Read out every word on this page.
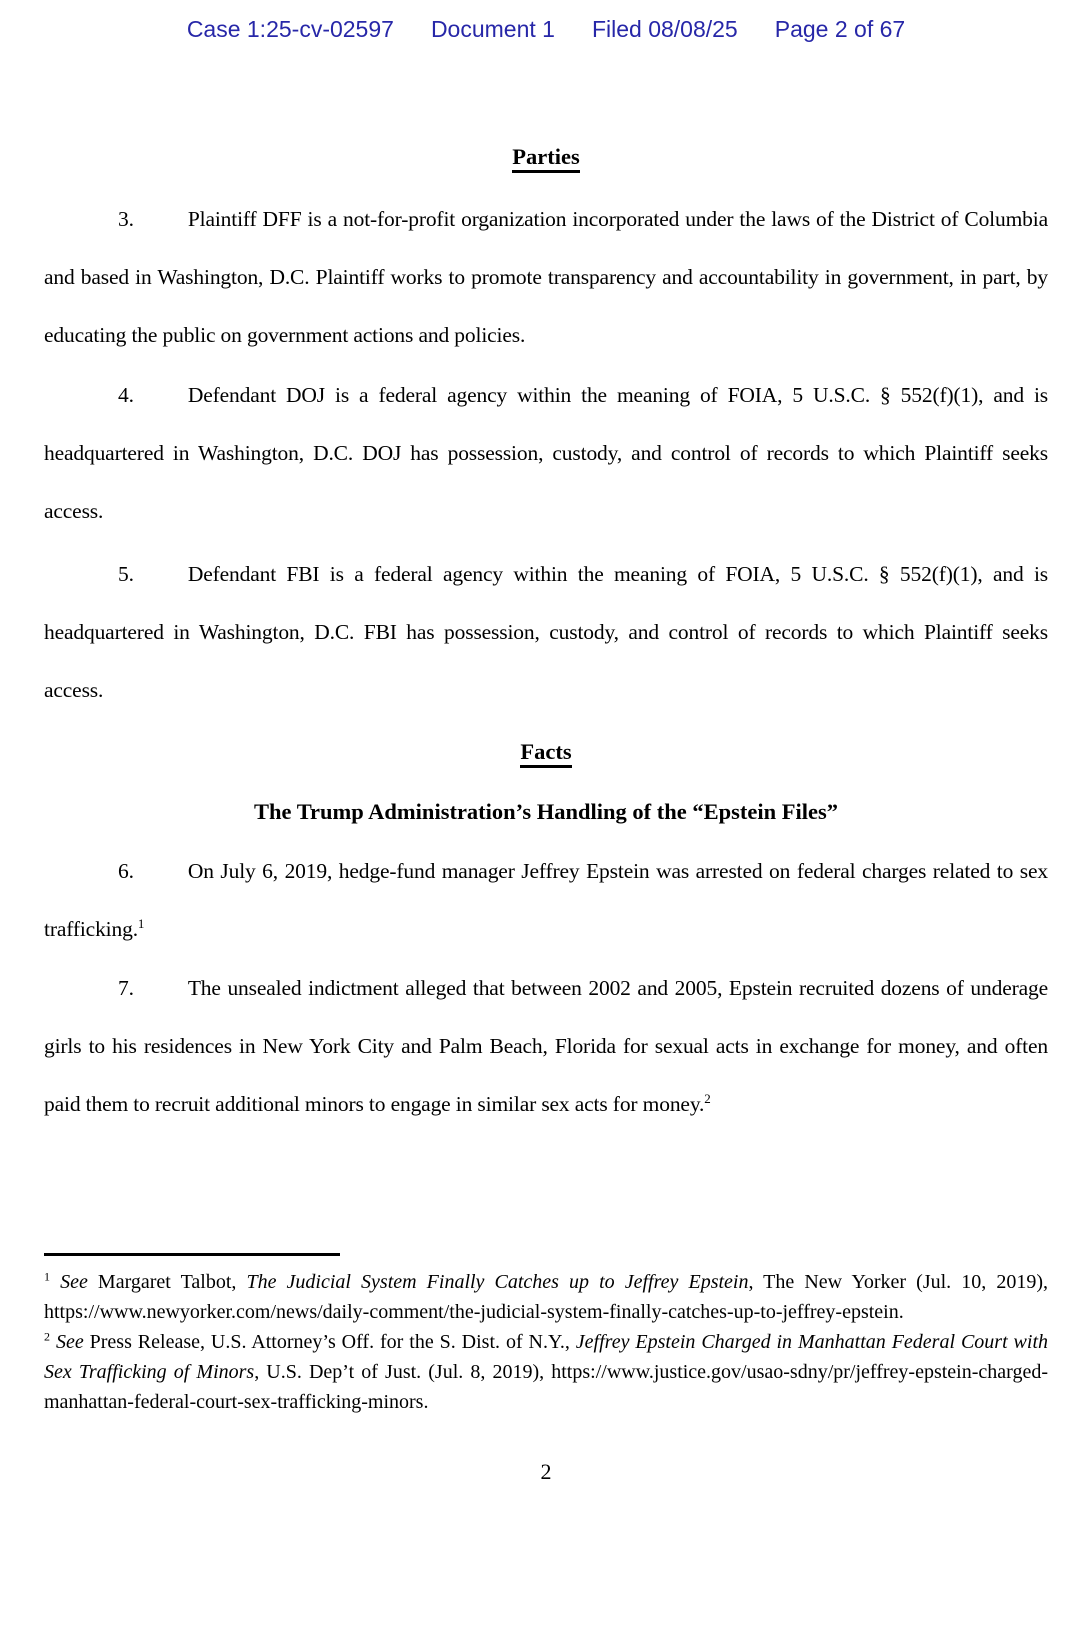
Case 1:25-cv-02597 Document 1 Filed 08/08/25 Page 2 of 67
Parties

3.	Plaintiff DFF is a not-for-profit organization incorporated under the laws of the District of Columbia and based in Washington, D.C. Plaintiff works to promote transparency and accountability in government, in part, by educating the public on government actions and policies.

4.	Defendant DOJ is a federal agency within the meaning of FOIA, 5 U.S.C. § 552(f)(1), and is headquartered in Washington, D.C. DOJ has possession, custody, and control of records to which Plaintiff seeks access.

5.	Defendant FBI is a federal agency within the meaning of FOIA, 5 U.S.C. § 552(f)(1), and is headquartered in Washington, D.C. FBI has possession, custody, and control of records to which Plaintiff seeks access.

Facts
The Trump Administration’s Handling of the “Epstein Files”

6.	On July 6, 2019, hedge-fund manager Jeffrey Epstein was arrested on federal charges related to sex trafficking.$^1$

7.	The unsealed indictment alleged that between 2002 and 2005, Epstein recruited dozens of underage girls to his residences in New York City and Palm Beach, Florida for sexual acts in exchange for money, and often paid them to recruit additional minors to engage in similar sex acts for money.$^2$

$^1$ See Margaret Talbot, The Judicial System Finally Catches up to Jeffrey Epstein, The New Yorker (Jul. 10, 2019), https://www.newyorker.com/news/daily-comment/the-judicial-system-finally-catches-up-to-jeffrey-epstein.

$^2$ See Press Release, U.S. Attorney’s Off. for the S. Dist. of N.Y., Jeffrey Epstein Charged in Manhattan Federal Court with Sex Trafficking of Minors, U.S. Dep’t of Just. (Jul. 8, 2019), https://www.justice.gov/usao-sdny/pr/jeffrey-epstein-charged-manhattan-federal-court-sex-trafficking-minors.

2
